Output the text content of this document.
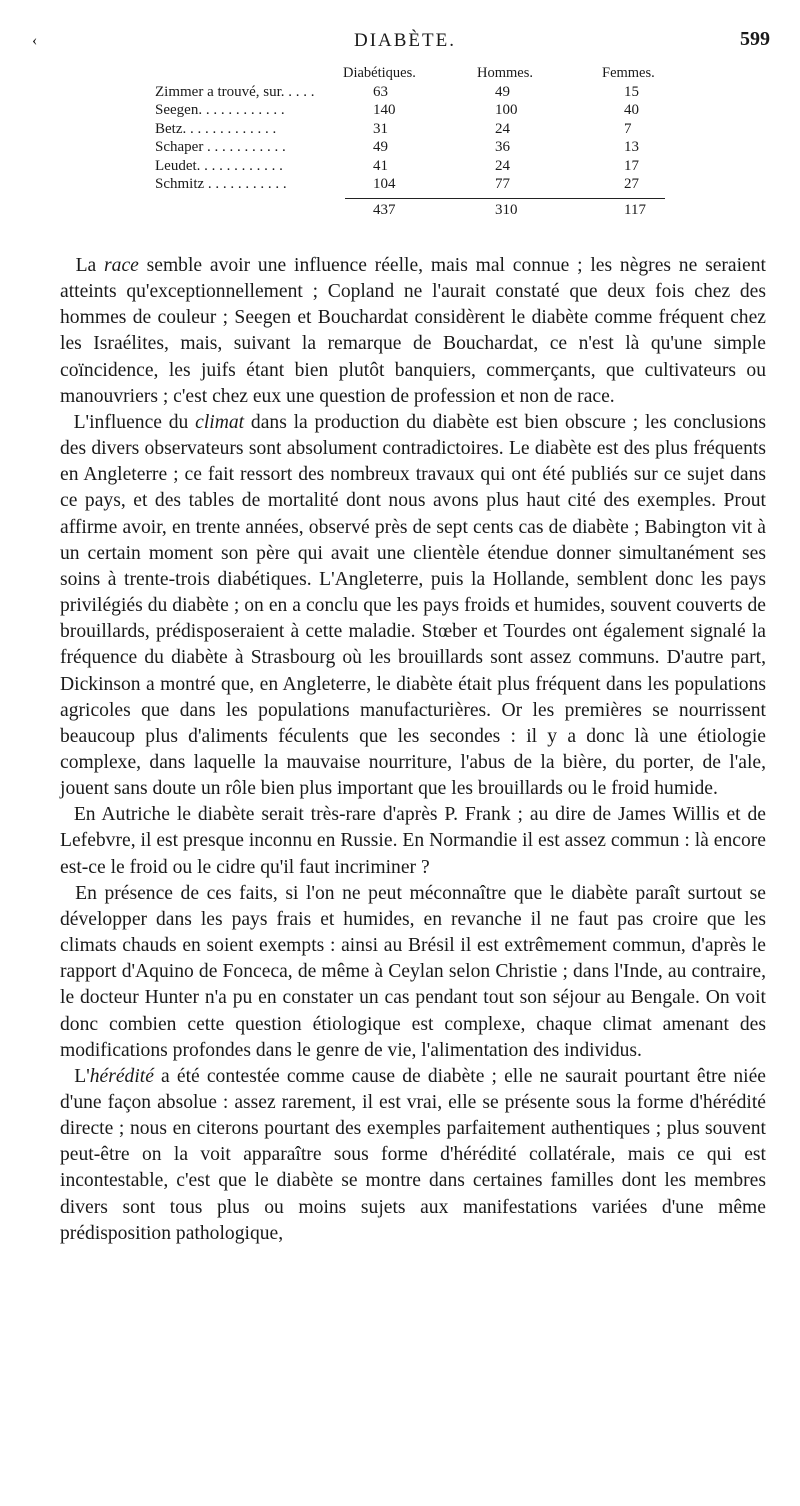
‹	DIABÈTE.	599
Diabétiques.	Hommes.	Femmes.
Zimmer a trouvé, sur. . . . .	63	49	15
Seegen. . . . . . . . . . . .	140	100	40
Betz. . . . . . . . . . . . .	31	24	7
Schaper . . . . . . . . . . .	49	36	13
Leudet. . . . . . . . . . . .	41	24	17
Schmitz . . . . . . . . . . .	104	77	27
437	310	117

La race semble avoir une influence réelle, mais mal connue ; les nègres ne seraient atteints qu'exceptionnellement ; Copland ne l'aurait constaté que deux fois chez des hommes de couleur ; Seegen et Bouchardat considèrent le diabète comme fréquent chez les Israélites, mais, suivant la remarque de Bouchardat, ce n'est là qu'une simple coïncidence, les juifs étant bien plutôt banquiers, commerçants, que cultivateurs ou manouvriers ; c'est chez eux une question de profession et non de race.

L'influence du climat dans la production du diabète est bien obscure ; les conclusions des divers observateurs sont absolument contradictoires. Le diabète est des plus fréquents en Angleterre ; ce fait ressort des nombreux travaux qui ont été publiés sur ce sujet dans ce pays, et des tables de mortalité dont nous avons plus haut cité des exemples. Prout affirme avoir, en trente années, observé près de sept cents cas de diabète ; Babington vit à un certain moment son père qui avait une clientèle étendue donner simultanément ses soins à trente-trois diabétiques. L'Angleterre, puis la Hollande, semblent donc les pays privilégiés du diabète ; on en a conclu que les pays froids et humides, souvent couverts de brouillards, prédisposeraient à cette maladie. Stœber et Tourdes ont également signalé la fréquence du diabète à Strasbourg où les brouillards sont assez communs. D'autre part, Dickinson a montré que, en Angleterre, le diabète était plus fréquent dans les populations agricoles que dans les populations manufacturières. Or les premières se nourrissent beaucoup plus d'aliments féculents que les secondes : il y a donc là une étiologie complexe, dans laquelle la mauvaise nourriture, l'abus de la bière, du porter, de l'ale, jouent sans doute un rôle bien plus important que les brouillards ou le froid humide.

En Autriche le diabète serait très-rare d'après P. Frank ; au dire de James Willis et de Lefebvre, il est presque inconnu en Russie. En Normandie il est assez commun : là encore est-ce le froid ou le cidre qu'il faut incriminer ?

En présence de ces faits, si l'on ne peut méconnaître que le diabète paraît surtout se développer dans les pays frais et humides, en revanche il ne faut pas croire que les climats chauds en soient exempts : ainsi au Brésil il est extrêmement commun, d'après le rapport d'Aquino de Fonceca, de même à Ceylan selon Christie ; dans l'Inde, au contraire, le docteur Hunter n'a pu en constater un cas pendant tout son séjour au Bengale. On voit donc combien cette question étiologique est complexe, chaque climat amenant des modifications profondes dans le genre de vie, l'alimentation des individus.

L'hérédité a été contestée comme cause de diabète ; elle ne saurait pourtant être niée d'une façon absolue : assez rarement, il est vrai, elle se présente sous la forme d'hérédité directe ; nous en citerons pourtant des exemples parfaitement authentiques ; plus souvent peut-être on la voit apparaître sous forme d'hérédité collatérale, mais ce qui est incontestable, c'est que le diabète se montre dans certaines familles dont les membres divers sont tous plus ou moins sujets aux manifestations variées d'une même prédisposition pathologique,
